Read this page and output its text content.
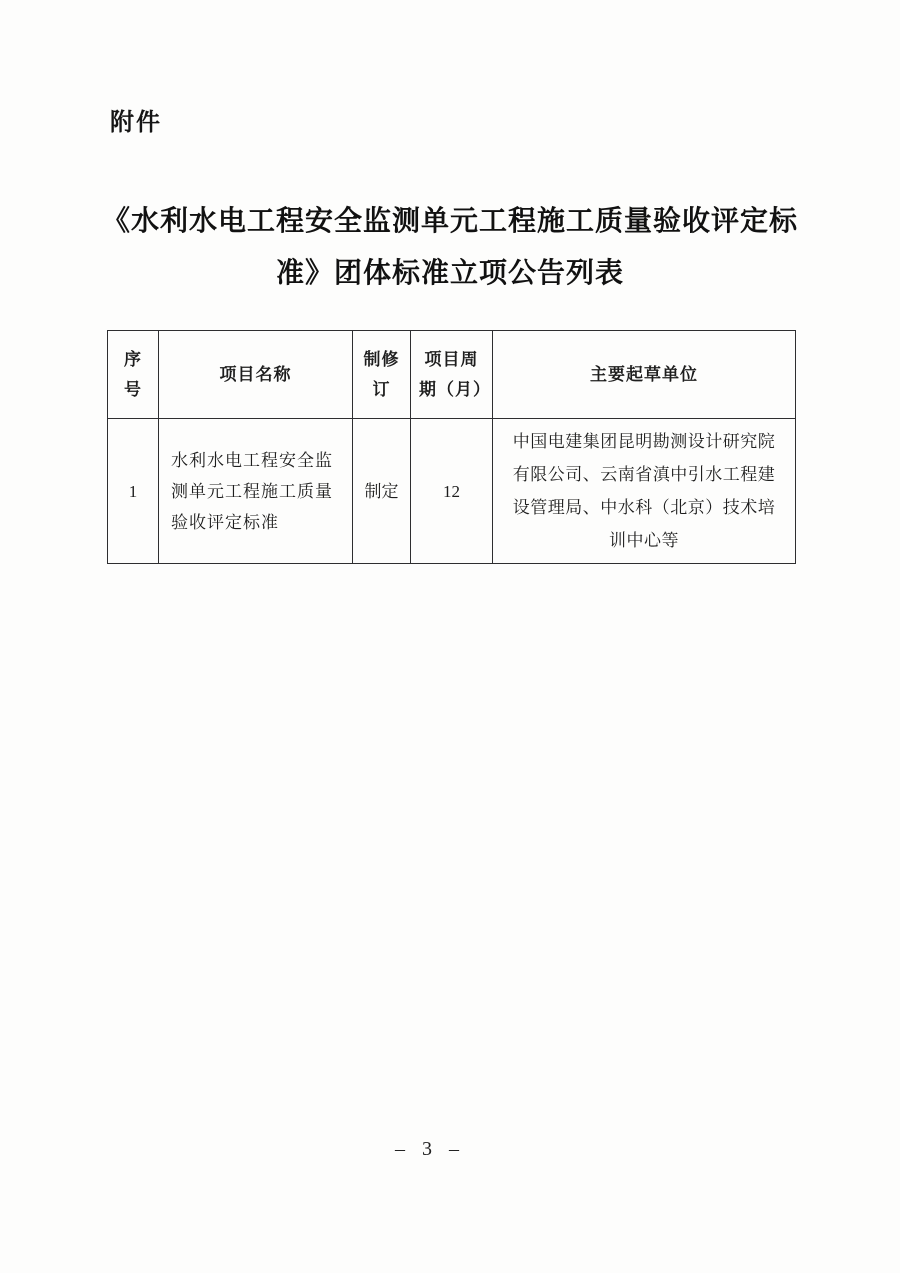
附件
《水利水电工程安全监测单元工程施工质量验收评定标
准》团体标准立项公告列表
序号	项目名称	制修订	项目周期（月）	主要起草单位
1	水利水电工程安全监测单元工程施工质量验收评定标准	制定	12	中国电建集团昆明勘测设计研究院有限公司、云南省滇中引水工程建设管理局、中水科（北京）技术培训中心等
– 3 –
